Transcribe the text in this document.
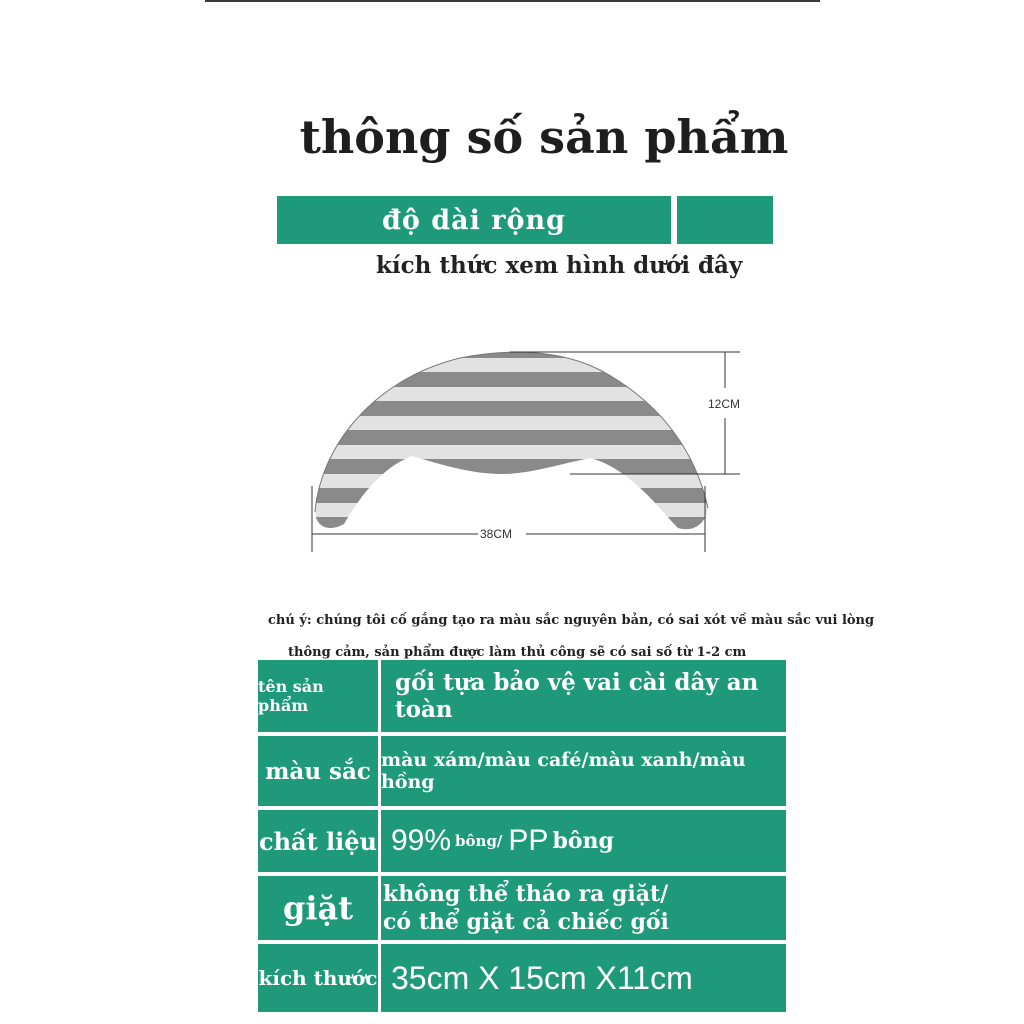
thông số sản phẩm
độ dài rộng
kích thức xem hình dưới đây
12CM
38CM
chú ý: chúng tôi cố gắng tạo ra màu sắc nguyên bản, có sai xót về màu sắc vui lòng
thông cảm, sản phẩm được làm thủ công sẽ có sai số từ 1-2 cm
tên sản phẩm
gối tựa bảo vệ vai cài dây an toàn
màu sắc màu xám/màu café/màu xanh/màu hồng
chất liệu 99% bông/ PP bông
giặt	không thể tháo ra giặt/
có thể giặt cả chiếc gối
kích thước 35cm X 15cm X11cm
